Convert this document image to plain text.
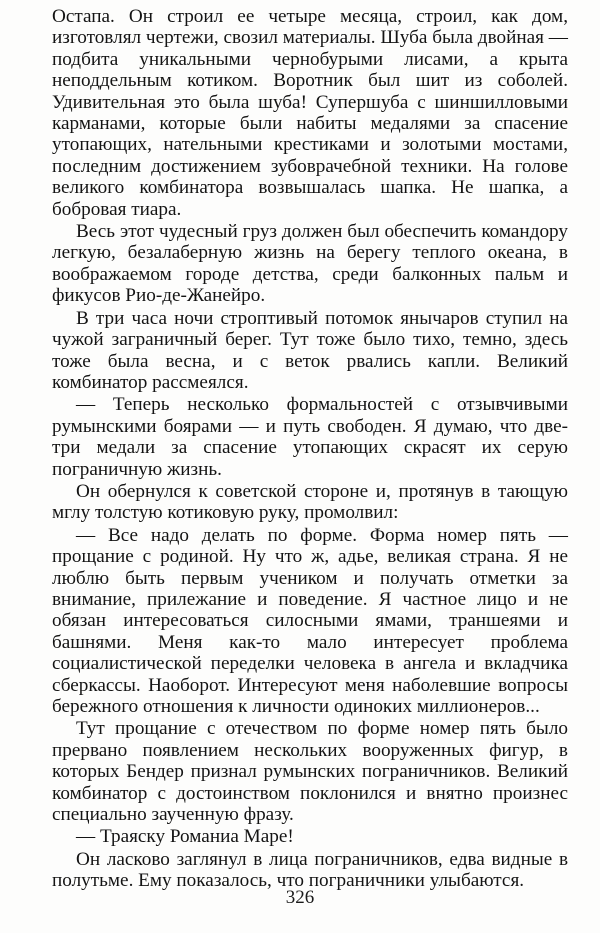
Остапа. Он строил ее четыре месяца, строил, как дом, изготовлял чертежи, свозил материалы. Шуба была двойная — подбита уникальными чернобурыми лисами, а крыта неподдельным котиком. Воротник был шит из соболей. Удивительная это была шуба! Супершуба с шиншилловыми карманами, которые были набиты медалями за спасение утопающих, нательными крестиками и золотыми мостами, последним достижением зубоврачебной техники. На голове великого комбинатора возвышалась шапка. Не шапка, а бобровая тиара.

Весь этот чудесный груз должен был обеспечить командору легкую, безалаберную жизнь на берегу теплого океана, в воображаемом городе детства, среди балконных пальм и фикусов Рио-де-Жанейро.

В три часа ночи строптивый потомок янычаров ступил на чужой заграничный берег. Тут тоже было тихо, темно, здесь тоже была весна, и с веток рвались капли. Великий комбинатор рассмеялся.

— Теперь несколько формальностей с отзывчивыми румынскими боярами — и путь свободен. Я думаю, что две-три медали за спасение утопающих скрасят их серую пограничную жизнь.

Он обернулся к советской стороне и, протянув в тающую мглу толстую котиковую руку, промолвил:

— Все надо делать по форме. Форма номер пять — прощание с родиной. Ну что ж, адье, великая страна. Я не люблю быть первым учеником и получать отметки за внимание, прилежание и поведение. Я частное лицо и не обязан интересоваться силосными ямами, траншеями и башнями. Меня как-то мало интересует проблема социалистической переделки человека в ангела и вкладчика сберкассы. Наоборот. Интересуют меня наболевшие вопросы бережного отношения к личности одиноких миллионеров...

Тут прощание с отечеством по форме номер пять было прервано появлением нескольких вооруженных фигур, в которых Бендер признал румынских пограничников. Великий комбинатор с достоинством поклонился и внятно произнес специально заученную фразу.

— Траяску Романиа Маре!

Он ласково заглянул в лица пограничников, едва видные в полутьме. Ему показалось, что пограничники улыбаются.

326
